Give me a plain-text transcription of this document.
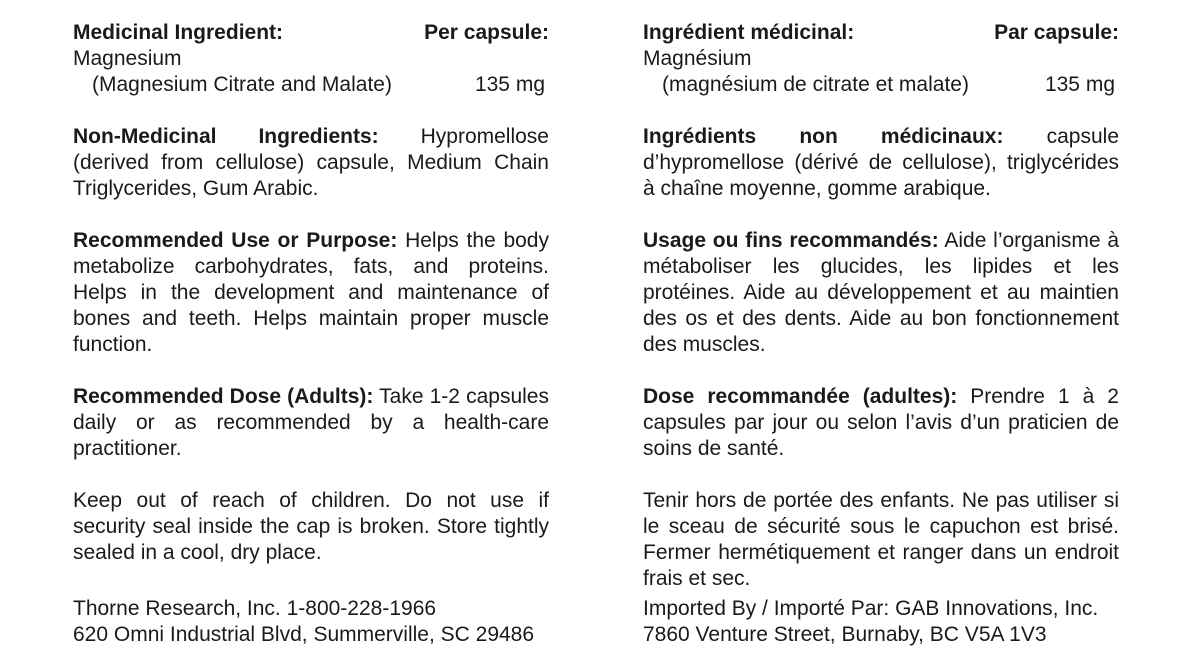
Medicinal Ingredient:	Per capsule:
Magnesium
(Magnesium Citrate and Malate)	135 mg

Non-Medicinal Ingredients: Hypromellose (derived from cellulose) capsule, Medium Chain Triglycerides, Gum Arabic.

Recommended Use or Purpose: Helps the body metabolize carbohydrates, fats, and proteins. Helps in the development and maintenance of bones and teeth. Helps maintain proper muscle function.

Recommended Dose (Adults): Take 1-2 capsules daily or as recommended by a health-care practitioner.

Keep out of reach of children. Do not use if security seal inside the cap is broken. Store tightly sealed in a cool, dry place.

Thorne Research, Inc. 1-800-228-1966
620 Omni Industrial Blvd, Summerville, SC 29486
Ingrédient médicinal:	Par capsule:
Magnésium
(magnésium de citrate et malate)	135 mg

Ingrédients non médicinaux: capsule d’hypromellose (dérivé de cellulose), triglycérides à chaîne moyenne, gomme arabique.

Usage ou fins recommandés: Aide l’organisme à métaboliser les glucides, les lipides et les protéines. Aide au développement et au maintien des os et des dents. Aide au bon fonctionnement des muscles.

Dose recommandée (adultes): Prendre 1 à 2 capsules par jour ou selon l’avis d’un praticien de soins de santé.

Tenir hors de portée des enfants. Ne pas utiliser si le sceau de sécurité sous le capuchon est brisé. Fermer hermétiquement et ranger dans un endroit frais et sec.

Imported By / Importé Par: GAB Innovations, Inc.
7860 Venture Street, Burnaby, BC V5A 1V3
